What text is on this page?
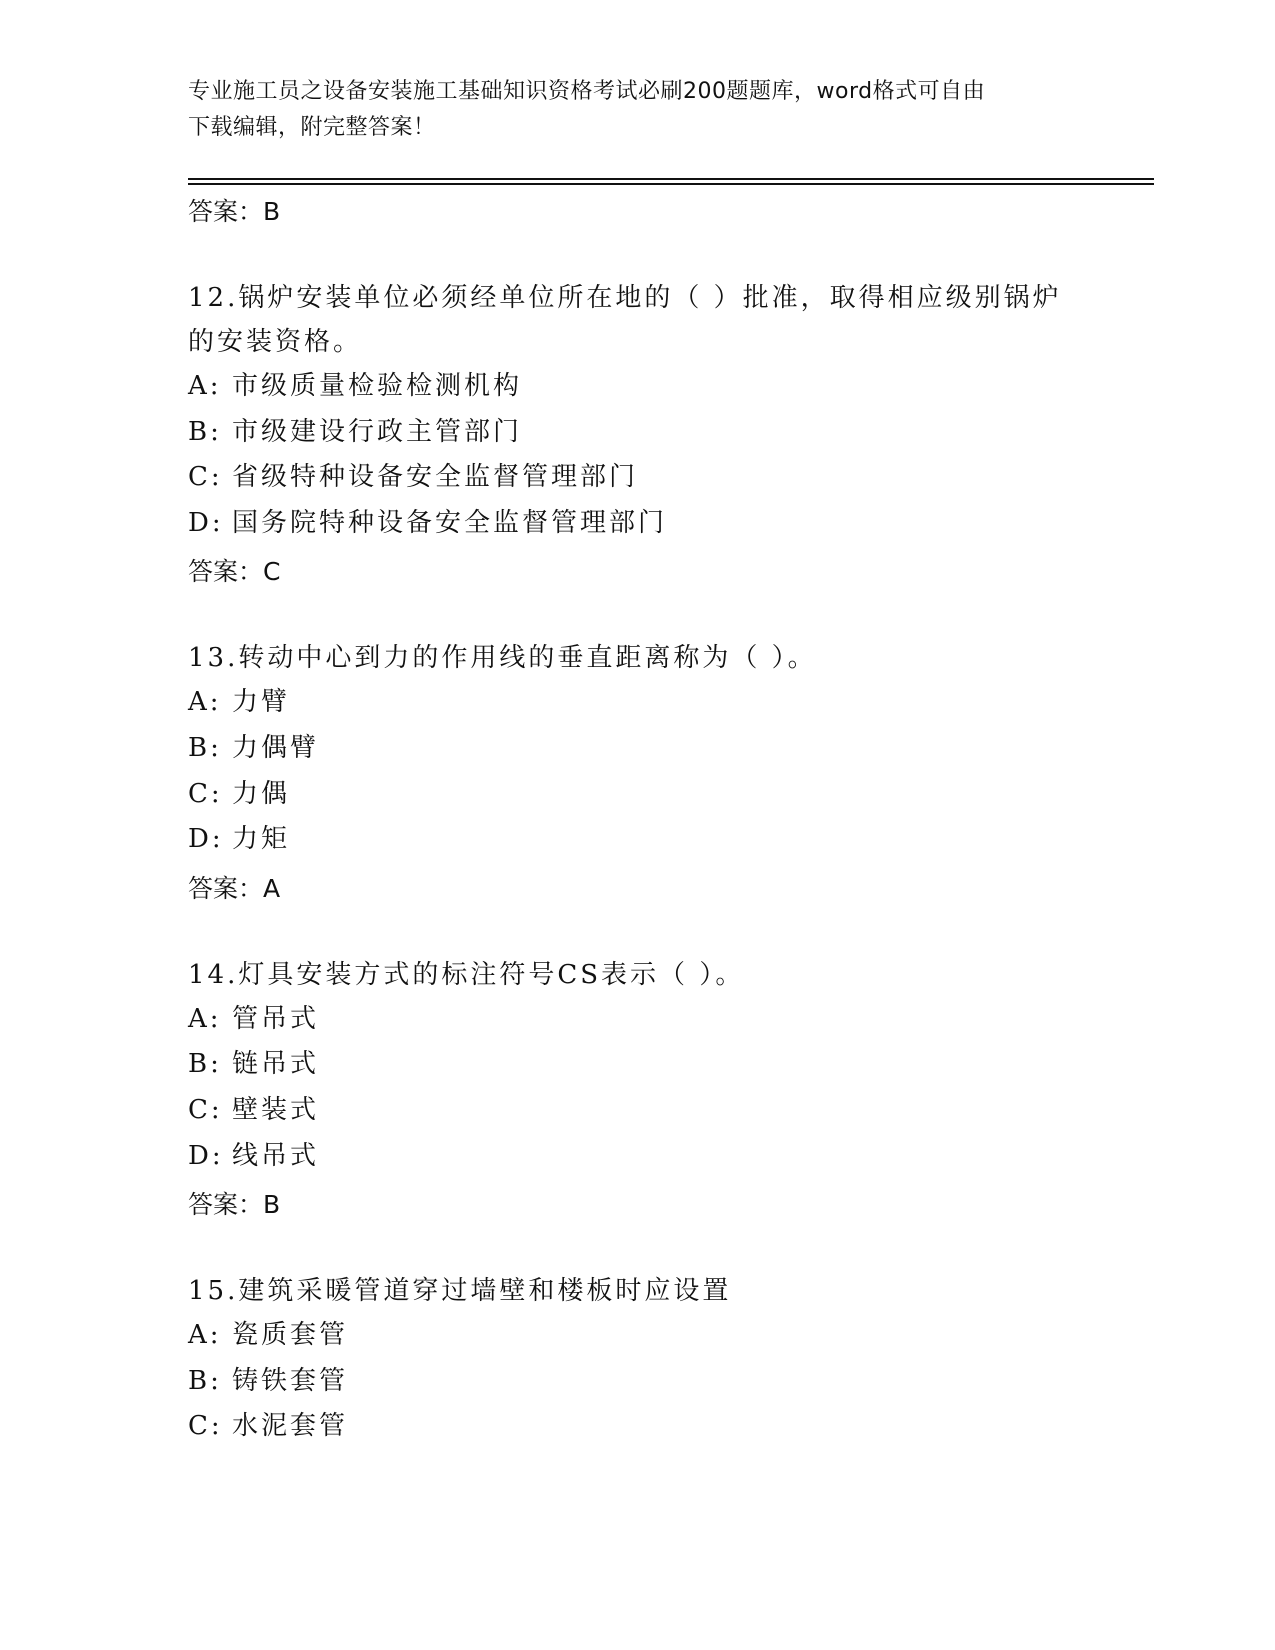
专业施工员之设备安装施工基础知识资格考试必刷200题题库，word格式可自由
下载编辑，附完整答案！
答案：B
12.锅炉安装单位必须经单位所在地的（ ）批准，取得相应级别锅炉的安装资格。
A: 市级质量检验检测机构
B: 市级建设行政主管部门
C: 省级特种设备安全监督管理部门
D: 国务院特种设备安全监督管理部门
答案：C
13.转动中心到力的作用线的垂直距离称为（ ）。
A: 力臂
B: 力偶臂
C: 力偶
D: 力矩
答案：A
14.灯具安装方式的标注符号CS表示（ ）。
A: 管吊式
B: 链吊式
C: 壁装式
D: 线吊式
答案：B
15.建筑采暖管道穿过墙壁和楼板时应设置
A: 瓷质套管
B: 铸铁套管
C: 水泥套管
